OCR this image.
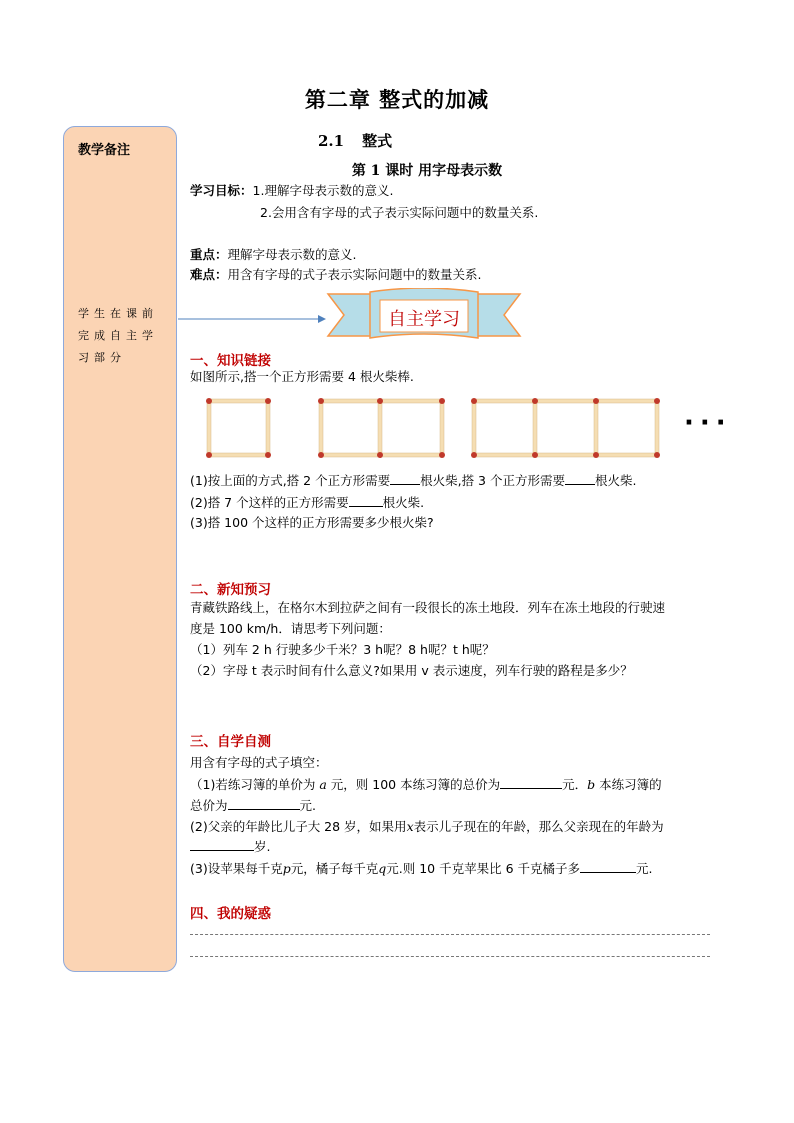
第二章 整式的加减
2.1 整式
第 1 课时 用字母表示数
教学备注
学生在课前完成自主学习部分
学习目标：1.理解字母表示数的意义.
2.会用含有字母的式子表示实际问题中的数量关系.
重点：理解字母表示数的意义.
难点：用含有字母的式子表示实际问题中的数量关系.
自主学习
一、知识链接
如图所示,搭一个正方形需要 4 根火柴棒.
···
(1)按上面的方式,搭 2 个正方形需要 根火柴,搭 3 个正方形需要 根火柴.
(2)搭 7 个这样的正方形需要	根火柴.
(3)搭 100 个这样的正方形需要多少根火柴?
二、新知预习
青藏铁路线上，在格尔木到拉萨之间有一段很长的冻土地段．列车在冻土地段的行驶速
度是 100 km/h．请思考下列问题：
（1）列车 2 h 行驶多少千米？3 h呢？8 h呢？t h呢？
（2）字母 t 表示时间有什么意义?如果用 v 表示速度，列车行驶的路程是多少？
三、自学自测
用含有字母的式子填空：
（1)若练习簿的单价为 a 元，则 100 本练习簿的总价为	元．b 本练习簿的
总价为	元.
(2)父亲的年龄比儿子大 28 岁，如果用x表示儿子现在的年龄，那么父亲现在的年龄为
岁.
(3)设苹果每千克p元，橘子每千克q元.则 10 千克苹果比 6 千克橘子多	元.
四、我的疑惑
